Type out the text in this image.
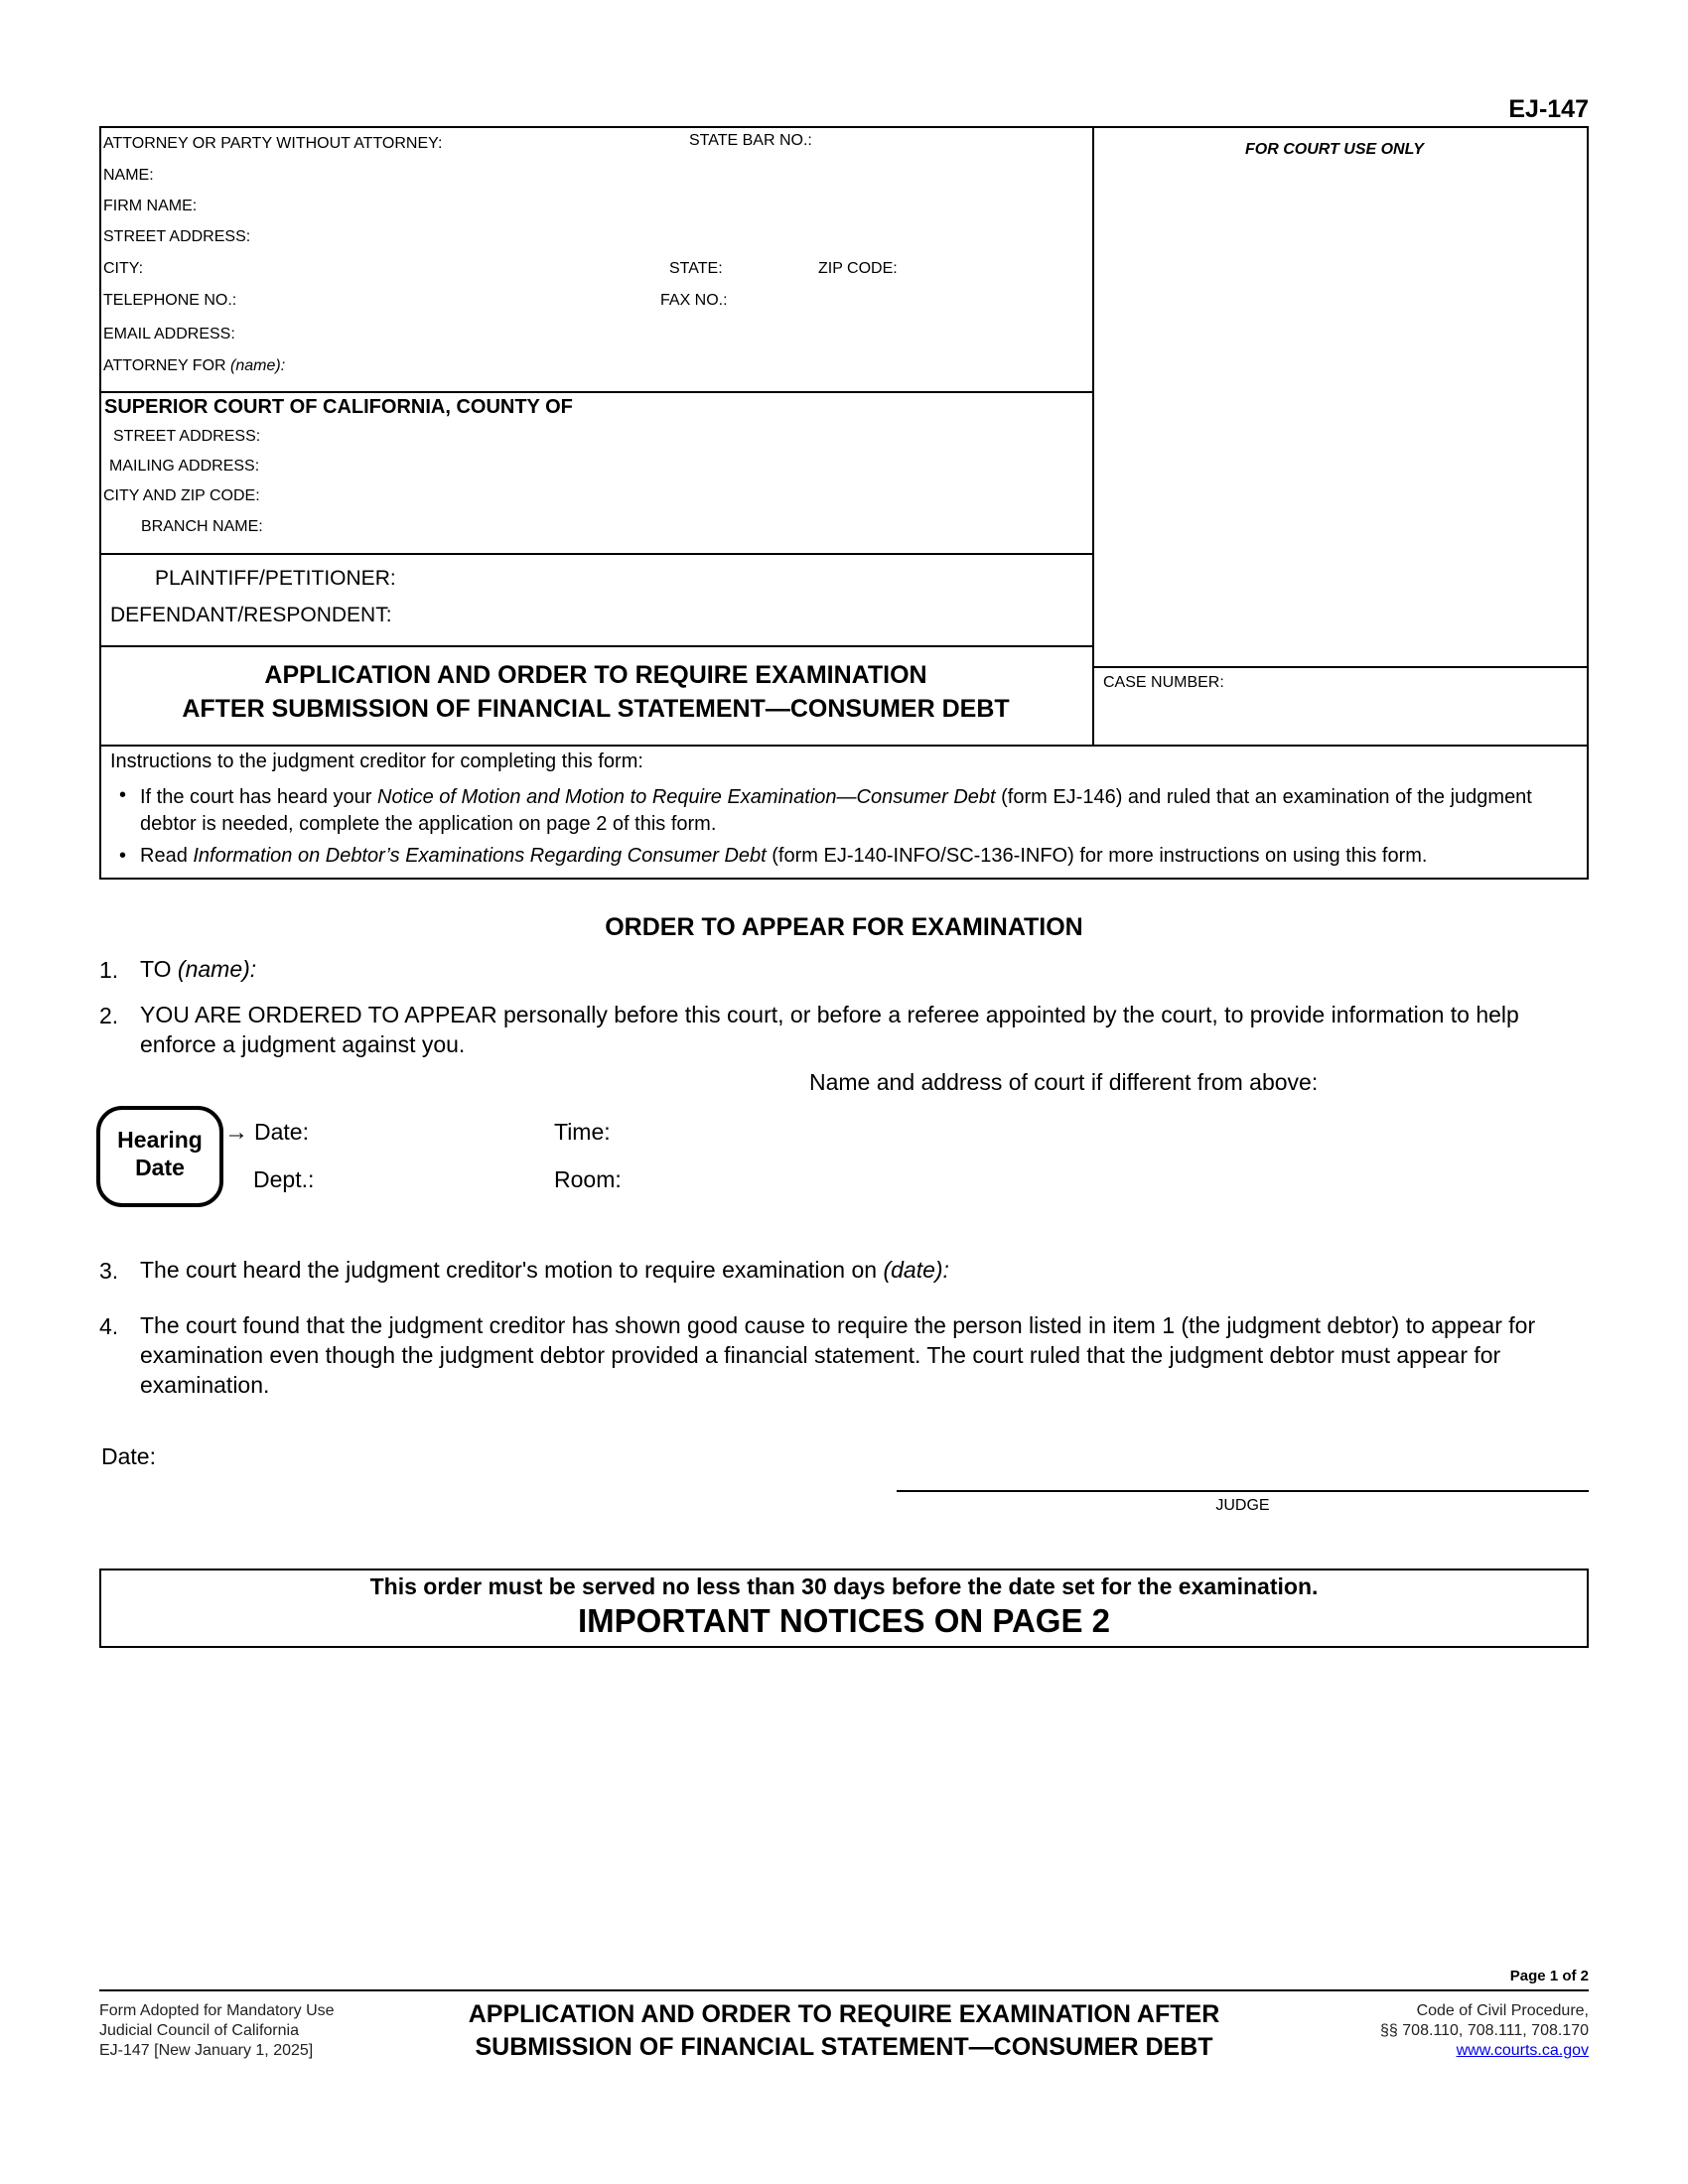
EJ-147
ATTORNEY OR PARTY WITHOUT ATTORNEY:	STATE BAR NO.:
NAME:
FIRM NAME:
STREET ADDRESS:
CITY:	STATE:	ZIP CODE:
TELEPHONE NO.:	FAX NO.:
EMAIL ADDRESS:
ATTORNEY FOR (name):
FOR COURT USE ONLY
SUPERIOR COURT OF CALIFORNIA, COUNTY OF
STREET ADDRESS:
MAILING ADDRESS:
CITY AND ZIP CODE:
BRANCH NAME:
PLAINTIFF/PETITIONER:
DEFENDANT/RESPONDENT:
APPLICATION AND ORDER TO REQUIRE EXAMINATION
AFTER SUBMISSION OF FINANCIAL STATEMENT—CONSUMER DEBT
CASE NUMBER:
Instructions to the judgment creditor for completing this form:
• If the court has heard your Notice of Motion and Motion to Require Examination—Consumer Debt (form EJ-146) and ruled that an examination of the judgment debtor is needed, complete the application on page 2 of this form.
• Read Information on Debtor’s Examinations Regarding Consumer Debt (form EJ-140-INFO/SC-136-INFO) for more instructions on using this form.
ORDER TO APPEAR FOR EXAMINATION
1. TO (name):
2. YOU ARE ORDERED TO APPEAR personally before this court, or before a referee appointed by the court, to provide information to help enforce a judgment against you.
Name and address of court if different from above:
Hearing
Date
→ Date:	Time:
Dept.:	Room:
3. The court heard the judgment creditor's motion to require examination on (date):
4. The court found that the judgment creditor has shown good cause to require the person listed in item 1 (the judgment debtor) to appear for examination even though the judgment debtor provided a financial statement. The court ruled that the judgment debtor must appear for examination.
Date:
JUDGE
This order must be served no less than 30 days before the date set for the examination.
IMPORTANT NOTICES ON PAGE 2
Page 1 of 2
Form Adopted for Mandatory Use
Judicial Council of California
EJ-147 [New January 1, 2025]
APPLICATION AND ORDER TO REQUIRE EXAMINATION AFTER
SUBMISSION OF FINANCIAL STATEMENT—CONSUMER DEBT
Code of Civil Procedure,
§§ 708.110, 708.111, 708.170
www.courts.ca.gov
